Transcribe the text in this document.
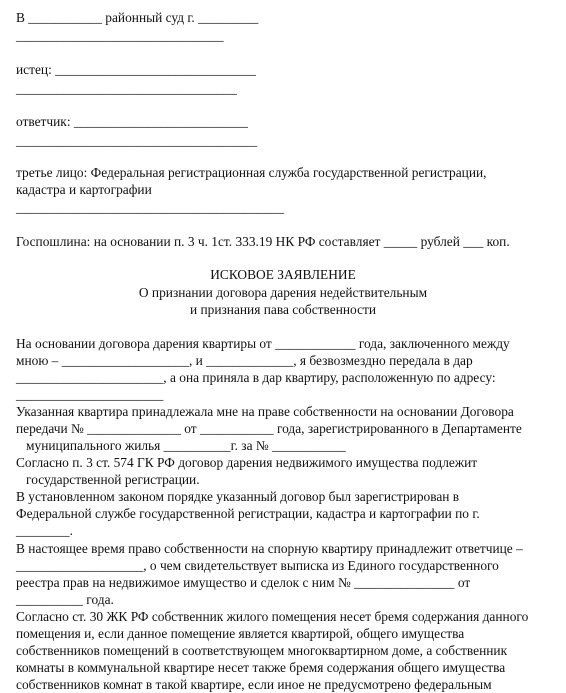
В ___________ районный суд г. _________
_______________________________
истец: ______________________________
_________________________________
ответчик: __________________________
____________________________________
третье лицо: Федеральная регистрационная служба государственной регистрации,
кадастра и картографии
________________________________________
Госпошлина: на основании п. 3 ч. 1ст. 333.19 НК РФ составляет _____ рублей ___ коп.
ИСКОВОЕ ЗАЯВЛЕНИЕ
О признании договора дарения недействительным
и признания пава собственности
На основании договора дарения квартиры от ____________ года, заключенного между
мною – ___________________, и _____________, я безвозмездно передала в дар
______________________, а она приняла в дар квартиру, расположенную по адресу:
______________________
Указанная квартира принадлежала мне на праве собственности на основании Договора
передачи № ______________ от ___________ года, зарегистрированного в Департаменте
муниципального жилья __________г. за № ___________
Согласно п. 3 ст. 574 ГК РФ договор дарения недвижимого имущества подлежит
государственной регистрации.
В установленном законом порядке указанный договор был зарегистрирован в
Федеральной службе государственной регистрации, кадастра и картографии по г.
________.
В настоящее время право собственности на спорную квартиру принадлежит ответчице –
___________________, о чем свидетельствует выписка из Единого государственного
реестра прав на недвижимое имущество и сделок с ним № _______________ от
__________ года.
Согласно ст. 30 ЖК РФ собственник жилого помещения несет бремя содержания данного
помещения и, если данное помещение является квартирой, общего имущества
собственников помещений в соответствующем многоквартирном доме, а собственник
комнаты в коммунальной квартире несет также бремя содержания общего имущества
собственников комнат в такой квартире, если иное не предусмотрено федеральным
